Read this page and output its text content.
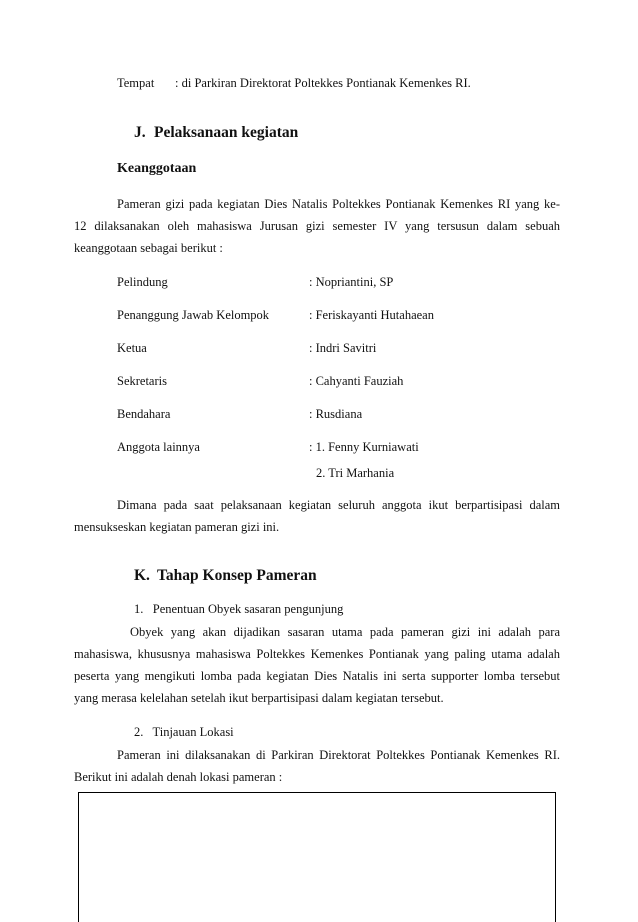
Tempat : di Parkiran Direktorat Poltekkes Pontianak Kemenkes RI.
J. Pelaksanaan kegiatan
Keanggotaan
Pameran gizi pada kegiatan Dies Natalis Poltekkes Pontianak Kemenkes RI yang ke-
12 dilaksanakan oleh mahasiswa Jurusan gizi semester IV yang tersusun dalam sebuah
keanggotaan sebagai berikut :
Pelindung	: Nopriantini, SP
Penanggung Jawab Kelompok	: Feriskayanti Hutahaean
Ketua	: Indri Savitri
Sekretaris	: Cahyanti Fauziah
Bendahara	: Rusdiana
Anggota lainnya	: 1. Fenny Kurniawati
2. Tri Marhania
Dimana pada saat pelaksanaan kegiatan seluruh anggota ikut berpartisipasi dalam
mensukseskan kegiatan pameran gizi ini.
K. Tahap Konsep Pameran
1.   Penentuan Obyek sasaran pengunjung
Obyek yang akan dijadikan sasaran utama pada pameran gizi ini adalah para
mahasiswa, khususnya mahasiswa Poltekkes Kemenkes Pontianak yang paling utama adalah
peserta yang mengikuti lomba pada kegiatan Dies Natalis ini serta supporter lomba tersebut
yang merasa kelelahan setelah ikut berpartisipasi dalam kegiatan tersebut.
2.   Tinjauan Lokasi
Pameran ini dilaksanakan di Parkiran Direktorat Poltekkes Pontianak Kemenkes RI.
Berikut ini adalah denah lokasi pameran :
